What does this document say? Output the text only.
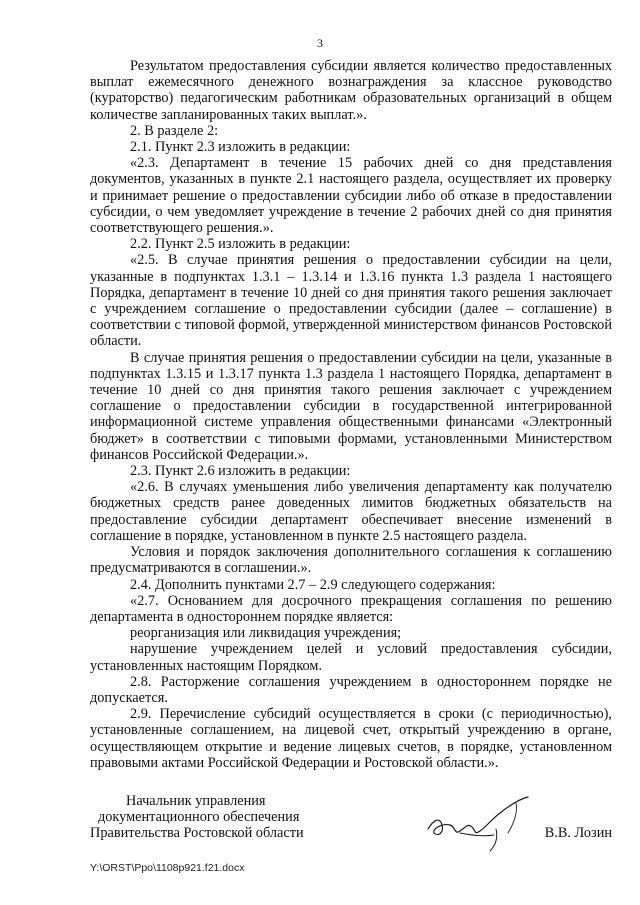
3

Результатом предоставления субсидии является количество предоставленных выплат ежемесячного денежного вознаграждения за классное руководство (кураторство) педагогическим работникам образовательных организаций в общем количестве запланированных таких выплат.».

2. В разделе 2:

2.1. Пункт 2.3 изложить в редакции:

«2.3. Департамент в течение 15 рабочих дней со дня представления документов, указанных в пункте 2.1 настоящего раздела, осуществляет их проверку и принимает решение о предоставлении субсидии либо об отказе в предоставлении субсидии, о чем уведомляет учреждение в течение 2 рабочих дней со дня принятия соответствующего решения.».

2.2. Пункт 2.5 изложить в редакции:

«2.5. В случае принятия решения о предоставлении субсидии на цели, указанные в подпунктах 1.3.1 – 1.3.14 и 1.3.16 пункта 1.3 раздела 1 настоящего Порядка, департамент в течение 10 дней со дня принятия такого решения заключает с учреждением соглашение о предоставлении субсидии (далее – соглашение) в соответствии с типовой формой, утвержденной министерством финансов Ростовской области.

В случае принятия решения о предоставлении субсидии на цели, указанные в подпунктах 1.3.15 и 1.3.17 пункта 1.3 раздела 1 настоящего Порядка, департамент в течение 10 дней со дня принятия такого решения заключает с учреждением соглашение о предоставлении субсидии в государственной интегрированной информационной системе управления общественными финансами «Электронный бюджет» в соответствии с типовыми формами, установленными Министерством финансов Российской Федерации.».

2.3. Пункт 2.6 изложить в редакции:

«2.6. В случаях уменьшения либо увеличения департаменту как получателю бюджетных средств ранее доведенных лимитов бюджетных обязательств на предоставление субсидии департамент обеспечивает внесение изменений в соглашение в порядке, установленном в пункте 2.5 настоящего раздела.

Условия и порядок заключения дополнительного соглашения к соглашению предусматриваются в соглашении.».

2.4. Дополнить пунктами 2.7 – 2.9 следующего содержания:

«2.7. Основанием для досрочного прекращения соглашения по решению департамента в одностороннем порядке является:

реорганизация или ликвидация учреждения;

нарушение учреждением целей и условий предоставления субсидии, установленных настоящим Порядком.

2.8. Расторжение соглашения учреждением в одностороннем порядке не допускается.

2.9. Перечисление субсидий осуществляется в сроки (с периодичностью), установленные соглашением, на лицевой счет, открытый учреждению в органе, осуществляющем открытие и ведение лицевых счетов, в порядке, установленном правовыми актами Российской Федерации и Ростовской области.».

Начальник управления
документационного обеспечения
Правительства Ростовской области	В.В. Лозин
Y:\ORST\Ppo\1108p921.f21.docx
